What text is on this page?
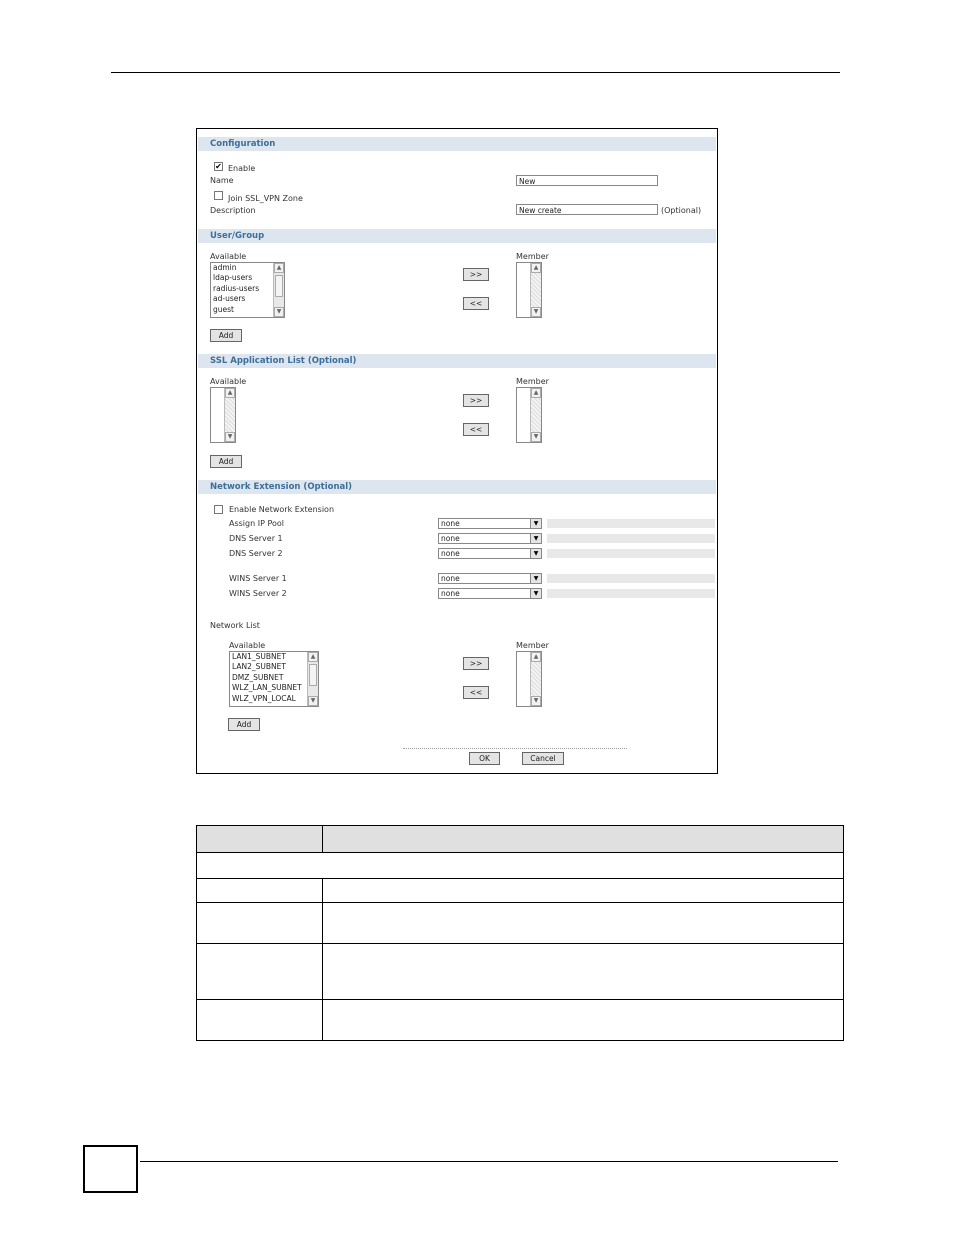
Configuration
✔ Enable
Name	New
Join SSL_VPN Zone
Description	New create	(Optional)
User/Group
Available
admin
ldap-users
radius-users
ad-users
guest
▲
▼
>>
<<
Member
▲
▼
Add
SSL Application List (Optional)
Available
▲
▼
>>
<<
Member
▲
▼
Add
Network Extension (Optional)
Enable Network Extension
Assign IP Pool	none	▼
DNS Server 1	none	▼
DNS Server 2	none	▼
WINS Server 1	none	▼
WINS Server 2	none	▼
Network List
Available
LAN1_SUBNET
LAN2_SUBNET
DMZ_SUBNET
WLZ_LAN_SUBNET
WLZ_VPN_LOCAL
▲
▼
>>
<<
Member
▲
▼
Add
OK	Cancel
